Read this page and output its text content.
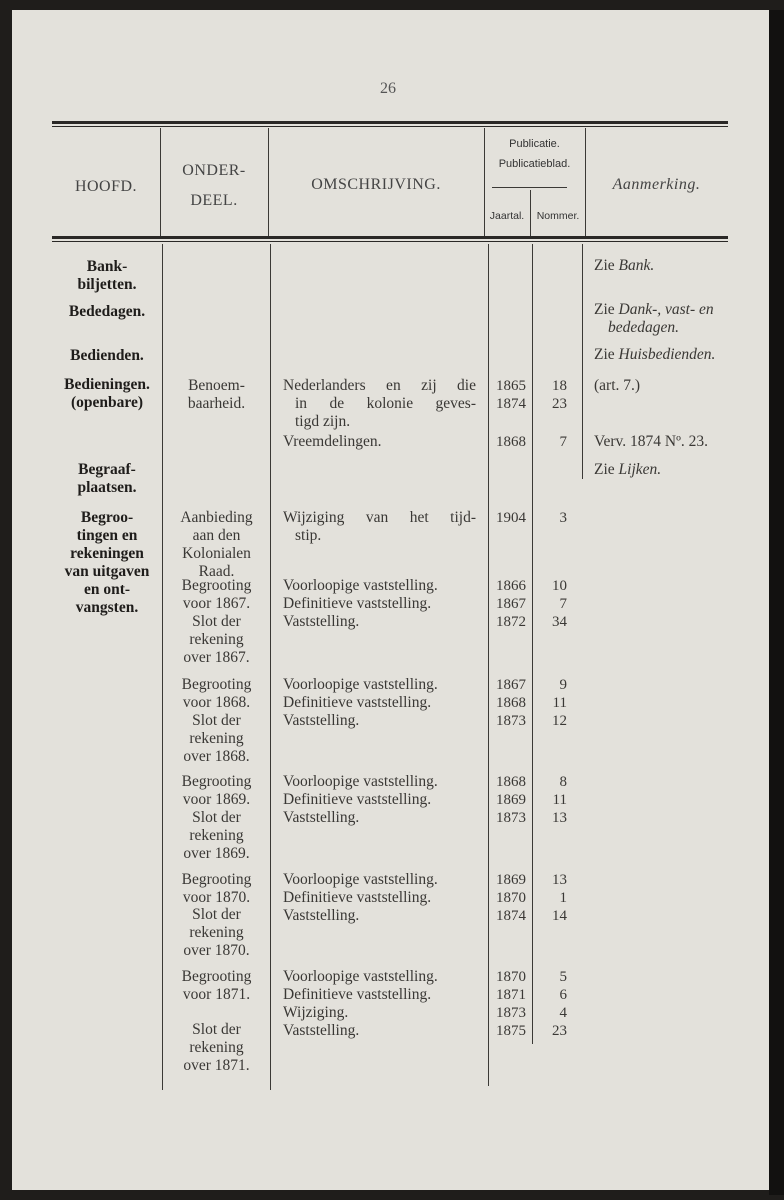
26
HOOFD.
ONDER-
DEEL.
OMSCHRIJVING.
Publicatie.
Publicatieblad.
Jaartal.	Nommer.
Aanmerking.
Bank-
biljetten.
Bededagen.
Bedienden.
Bedieningen.
(openbare)
Begraaf-
plaatsen.
Begroo-
tingen en
rekeningen
van uitgaven
en ont-
vangsten.
Benoem-
baarheid.
Aanbieding
aan den
Kolonialen
Raad.
Begrooting
voor 1867.
Slot der
rekening
over 1867.
Begrooting
voor 1868.
Slot der
rekening
over 1868.
Begrooting
voor 1869.
Slot der
rekening
over 1869.
Begrooting
voor 1870.
Slot der
rekening
over 1870.
Begrooting
voor 1871.
Slot der
rekening
over 1871.
Nederlanders en zij die
in de kolonie geves-
tigd zijn.
Vreemdelingen.
Wijziging van het tijd-
stip.
Voorloopige vaststelling.
Definitieve vaststelling.
Vaststelling.
Voorloopige vaststelling.
Definitieve vaststelling.
Vaststelling.
Voorloopige vaststelling.
Definitieve vaststelling.
Vaststelling.
Voorloopige vaststelling.
Definitieve vaststelling.
Vaststelling.
Voorloopige vaststelling.
Definitieve vaststelling.
Wijziging.
Vaststelling.
1865
1874
1868
1904
1866
1867
1872
1867
1868
1873
1868
1869
1873
1869
1870
1874
1870
1871
1873
1875
18
23
7
3
10
7
34
9
11
12
8
11
13
13
1
14
5
6
4
23
Zie Bank.
Zie Dank-, vast- en
bededagen.
Zie Huisbedienden.
(art. 7.)
Verv. 1874 Nº. 23.
Zie Lijken.
